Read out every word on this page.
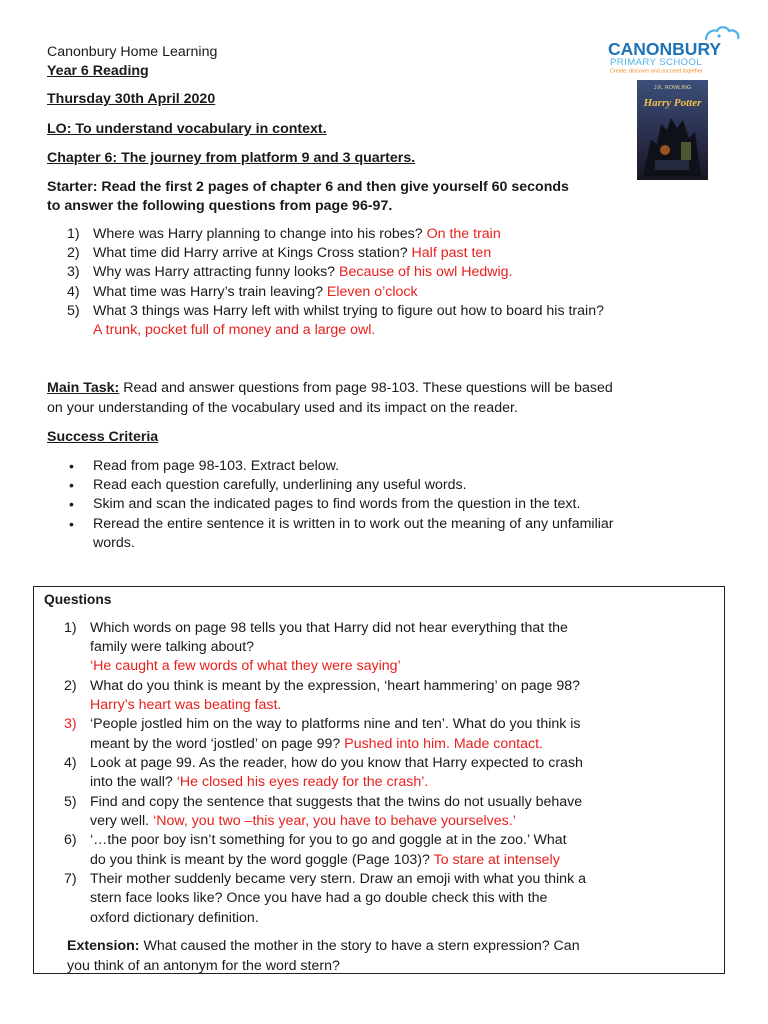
Canonbury Home Learning
Year 6 Reading
Thursday 30th April 2020
LO: To understand vocabulary in context.
Chapter 6: The journey from platform 9 and 3 quarters.
CANONBURY
PRIMARY SCHOOL
Create, discover and succeed together
J.K. ROWLING
Harry Potter
Starter: Read the first 2 pages of chapter 6 and then give yourself 60 seconds
to answer the following questions from page 96-97.
1) Where was Harry planning to change into his robes? On the train
2) What time did Harry arrive at Kings Cross station? Half past ten
3) Why was Harry attracting funny looks? Because of his owl Hedwig.
4) What time was Harry’s train leaving? Eleven o’clock
5) What 3 things was Harry left with whilst trying to figure out how to board his train?
A trunk, pocket full of money and a large owl.
Main Task: Read and answer questions from page 98-103. These questions will be based
on your understanding of the vocabulary used and its impact on the reader.
Success Criteria
• Read from page 98-103. Extract below.
• Read each question carefully, underlining any useful words.
• Skim and scan the indicated pages to find words from the question in the text.
• Reread the entire sentence it is written in to work out the meaning of any unfamiliar
words.
Questions
1) Which words on page 98 tells you that Harry did not hear everything that the
family were talking about?
‘He caught a few words of what they were saying’
2) What do you think is meant by the expression, ‘heart hammering’ on page 98?
Harry’s heart was beating fast.
3) ‘People jostled him on the way to platforms nine and ten’. What do you think is
meant by the word ‘jostled’ on page 99? Pushed into him. Made contact.
4) Look at page 99. As the reader, how do you know that Harry expected to crash
into the wall? ‘He closed his eyes ready for the crash’.
5) Find and copy the sentence that suggests that the twins do not usually behave
very well. ‘Now, you two –this year, you have to behave yourselves.’
6) ‘…the poor boy isn’t something for you to go and goggle at in the zoo.’ What
do you think is meant by the word goggle (Page 103)? To stare at intensely
7) Their mother suddenly became very stern. Draw an emoji with what you think a
stern face looks like? Once you have had a go double check this with the
oxford dictionary definition.
Extension: What caused the mother in the story to have a stern expression? Can
you think of an antonym for the word stern?
